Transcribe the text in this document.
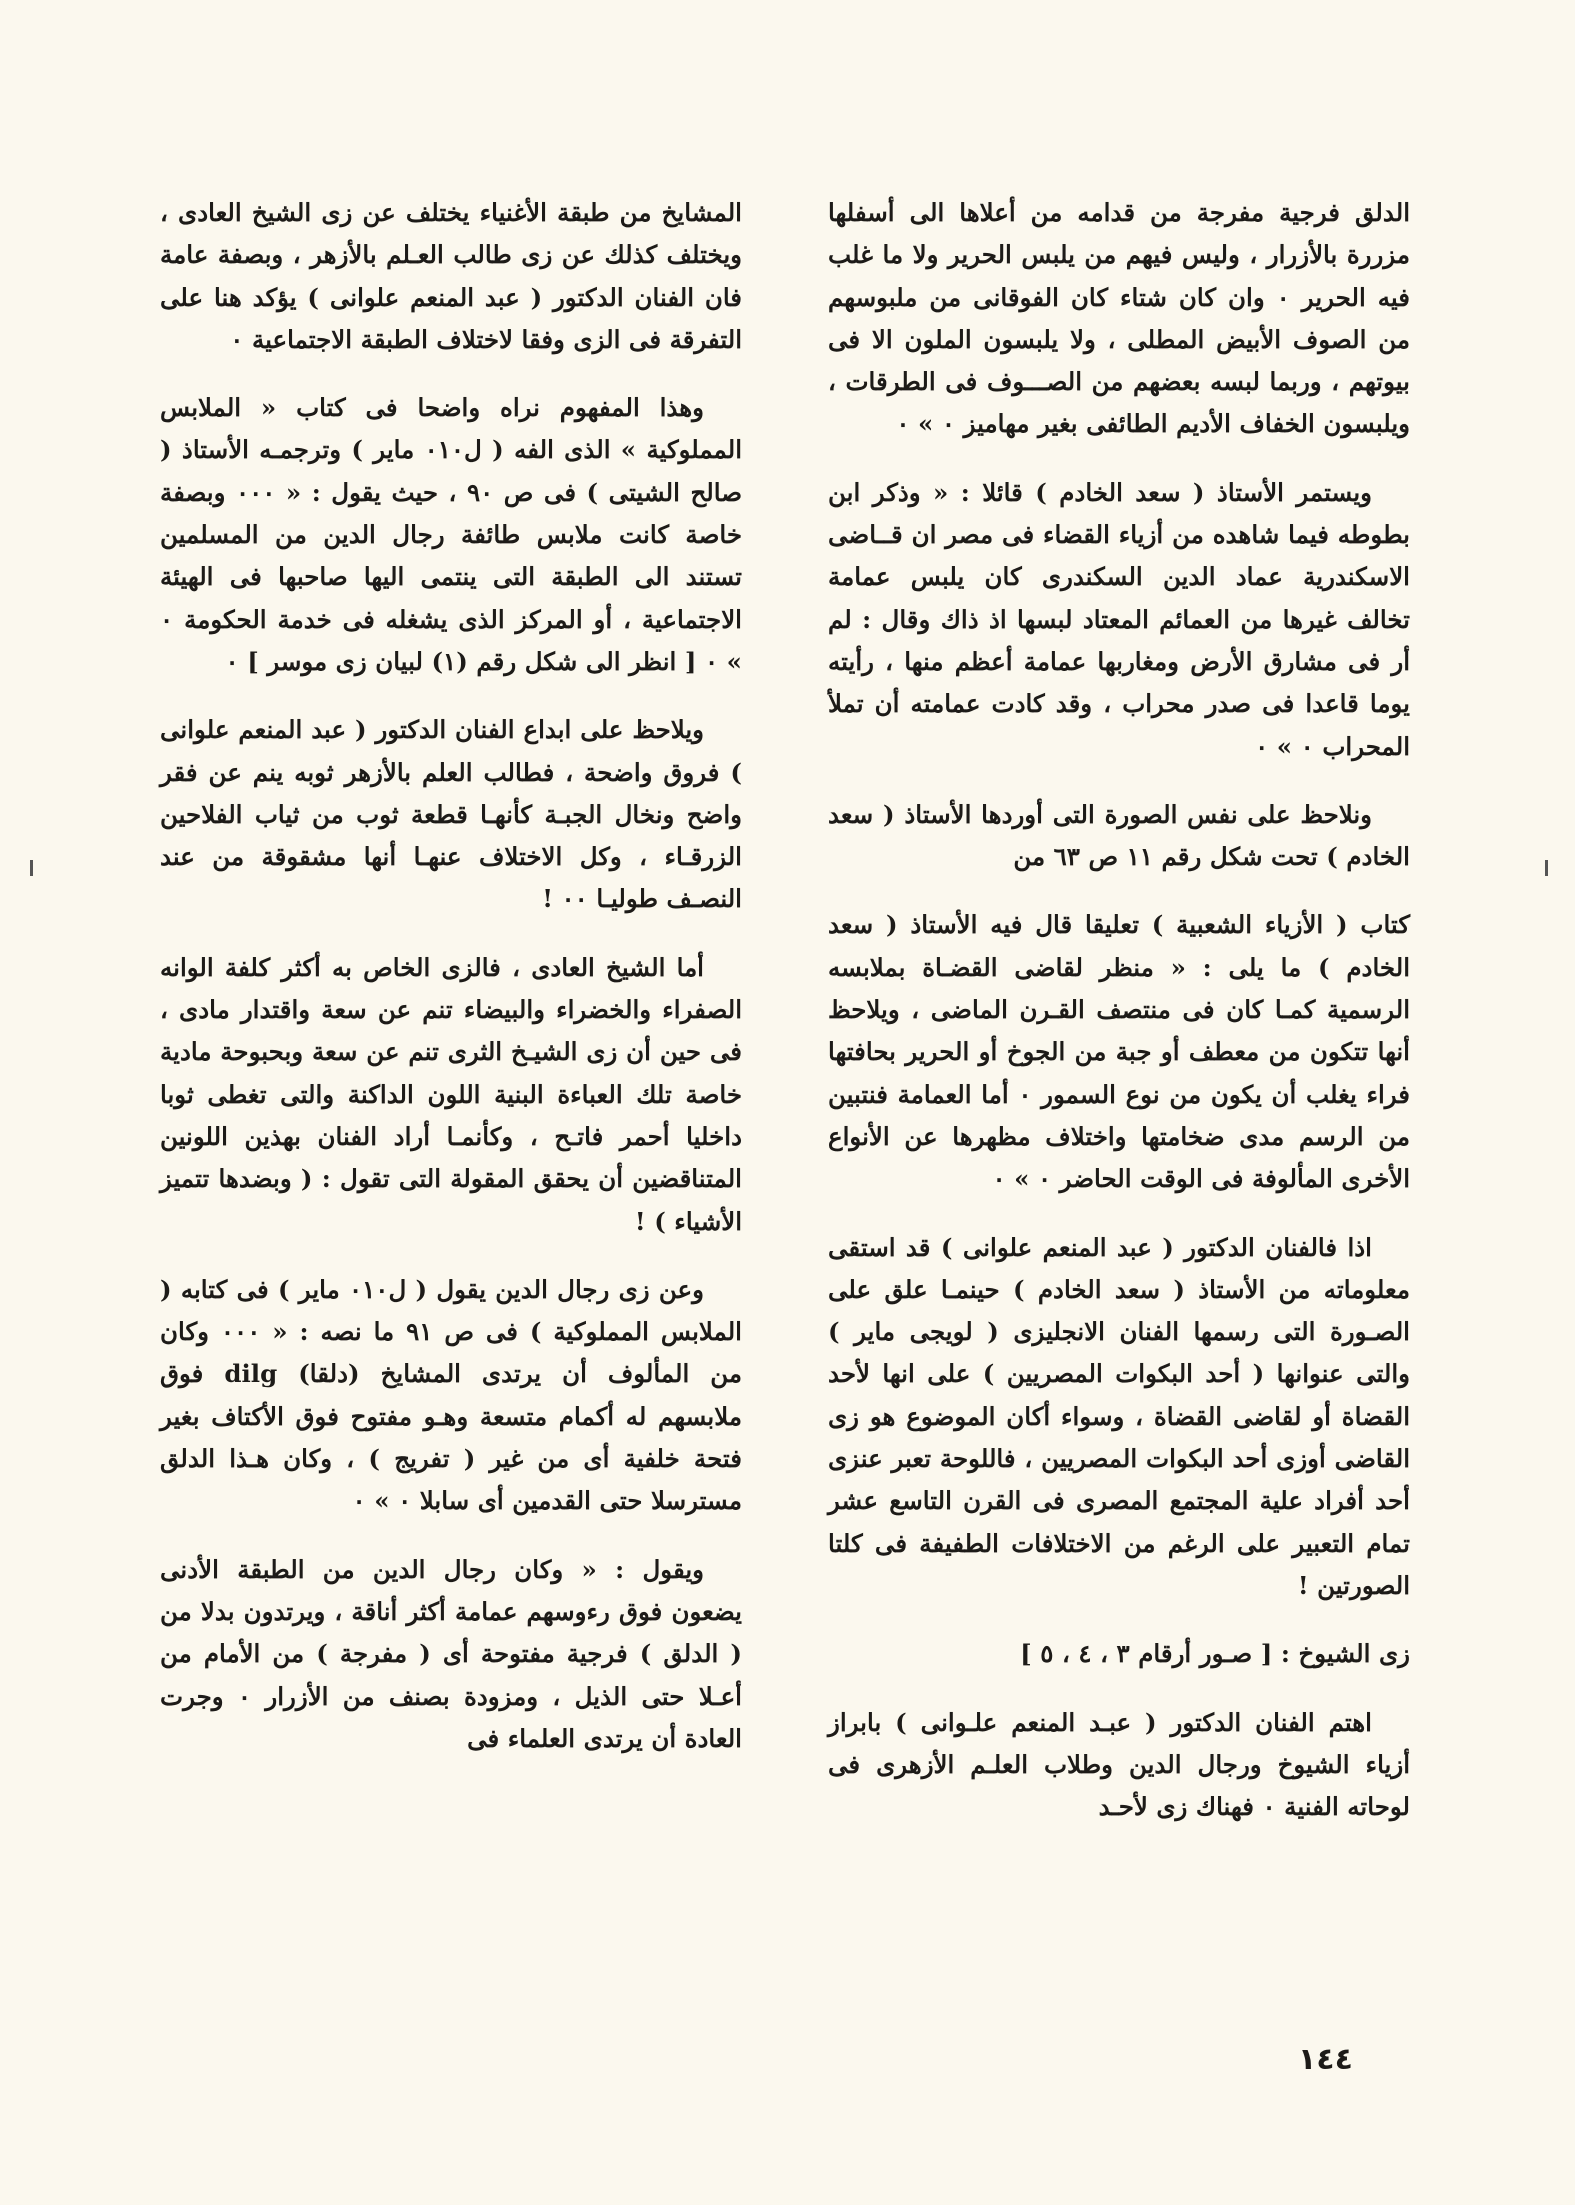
الدلق فرجية مفرجة من قدامه من أعلاها الى أسفلها مزررة بالأزرار ، وليس فيهم من يلبس الحرير ولا ما غلب فيه الحرير ٠ وان كان شتاء كان الفوقانى من ملبوسهم من الصوف الأبيض المطلى ، ولا يلبسون الملون الا فى بيوتهم ، وربما لبسه بعضهم من الصـــوف فى الطرقات ، ويلبسون الخفاف الأديم الطائفى بغير مهاميز ٠ » ٠

ويستمر الأستاذ ( سعد الخادم ) قائلا : « وذكر ابن بطوطه فيما شاهده من أزياء القضاء فى مصر ان قــاضى الاسكندرية عماد الدين السكندرى كان يلبس عمامة تخالف غيرها من العمائم المعتاد لبسها اذ ذاك وقال : لم أر فى مشارق الأرض ومغاربها عمامة أعظم منها ، رأيته يوما قاعدا فى صدر محراب ، وقد كادت عمامته أن تملأ المحراب ٠ » ٠

ونلاحظ على نفس الصورة التى أوردها الأستاذ ( سعد الخادم ) تحت شكل رقم ١١ ص ٦٣ من

كتاب ( الأزياء الشعبية ) تعليقا قال فيه الأستاذ ( سعد الخادم ) ما يلى : « منظر لقاضى القضـاة بملابسه الرسمية كمـا كان فى منتصف القـرن الماضى ، ويلاحظ أنها تتكون من معطف أو جبة من الجوخ أو الحرير بحافتها فراء يغلب أن يكون من نوع السمور ٠ أما العمامة فنتبين من الرسم مدى ضخامتها واختلاف مظهرها عن الأنواع الأخرى المألوفة فى الوقت الحاضر ٠ » ٠

اذا فالفنان الدكتور ( عبد المنعم علوانى ) قد استقى معلوماته من الأستاذ ( سعد الخادم ) حينمـا علق على الصـورة التى رسمها الفنان الانجليزى ( لويجى ماير ) والتى عنوانها ( أحد البكوات المصريين ) على انها لأحد القضاة أو لقاضى القضاة ، وسواء أكان الموضوع هو زى القاضى أوزى أحد البكوات المصريين ، فاللوحة تعبر عنزى أحد أفراد علية المجتمع المصرى فى القرن التاسع عشر تمام التعبير على الرغم من الاختلافات الطفيفة فى كلتا الصورتين !

زى الشيوخ : [ صـور أرقام ٣ ، ٤ ، ٥ ]

اهتم الفنان الدكتور ( عبـد المنعم علـوانى ) بابراز أزياء الشيوخ ورجال الدين وطلاب العلـم الأزهرى فى لوحاته الفنية ٠ فهناك زى لأحـد

المشايخ من طبقة الأغنياء يختلف عن زى الشيخ العادى ، ويختلف كذلك عن زى طالب العـلم بالأزهر ، وبصفة عامة فان الفنان الدكتور ( عبد المنعم علوانى ) يؤكد هنا على التفرقة فى الزى وفقا لاختلاف الطبقة الاجتماعية ٠

وهذا المفهوم نراه واضحا فى كتاب « الملابس المملوكية » الذى الفه ( ل٠١٠ ماير ) وترجمـه الأستاذ ( صالح الشيتى ) فى ص ٩٠ ، حيث يقول : « ٠٠٠ وبصفة خاصة كانت ملابس طائفة رجال الدين من المسلمين تستند الى الطبقة التى ينتمى اليها صاحبها فى الهيئة الاجتماعية ، أو المركز الذى يشغله فى خدمة الحكومة ٠ » ٠ [ انظر الى شكل رقم (١) لبيان زى موسر ] ٠

ويلاحظ على ابداع الفنان الدكتور ( عبد المنعم علوانى ) فروق واضحة ، فطالب العلم بالأزهر ثوبه ينم عن فقر واضح ونخال الجبـة كأنهـا قطعة ثوب من ثياب الفلاحين الزرقـاء ، وكل الاختلاف عنهـا أنها مشقوقة من عند النصـف طوليـا ٠٠ !

أما الشيخ العادى ، فالزى الخاص به أكثر كلفة الوانه الصفراء والخضراء والبيضاء تنم عن سعة واقتدار مادى ، فى حين أن زى الشيـخ الثرى تنم عن سعة وبحبوحة مادية خاصة تلك العباءة البنية اللون الداكنة والتى تغطى ثوبا داخليا أحمر فاتـح ، وكأنمـا أراد الفنان بهذين اللونين المتناقضين أن يحقق المقولة التى تقول : ( وبضدها تتميز الأشياء ) !

وعن زى رجال الدين يقول ( ل٠١٠ ماير ) فى كتابه ( الملابس المملوكية ) فى ص ٩١ ما نصه : « ٠٠٠ وكان من المألوف أن يرتدى المشايخ (دلقا) dilg فوق ملابسهم له أكمام متسعة وهـو مفتوح فوق الأكتاف بغير فتحة خلفية أى من غير ( تفريج ) ، وكان هـذا الدلق مسترسلا حتى القدمين أى سابلا ٠ » ٠

ويقول : « وكان رجال الدين من الطبقة الأدنى يضعون فوق رءوسهم عمامة أكثر أناقة ، ويرتدون بدلا من ( الدلق ) فرجية مفتوحة أى ( مفرجة ) من الأمام من أعـلا حتى الذيل ، ومزودة بصنف من الأزرار ٠ وجرت العادة أن يرتدى العلماء فى

١٤٤
